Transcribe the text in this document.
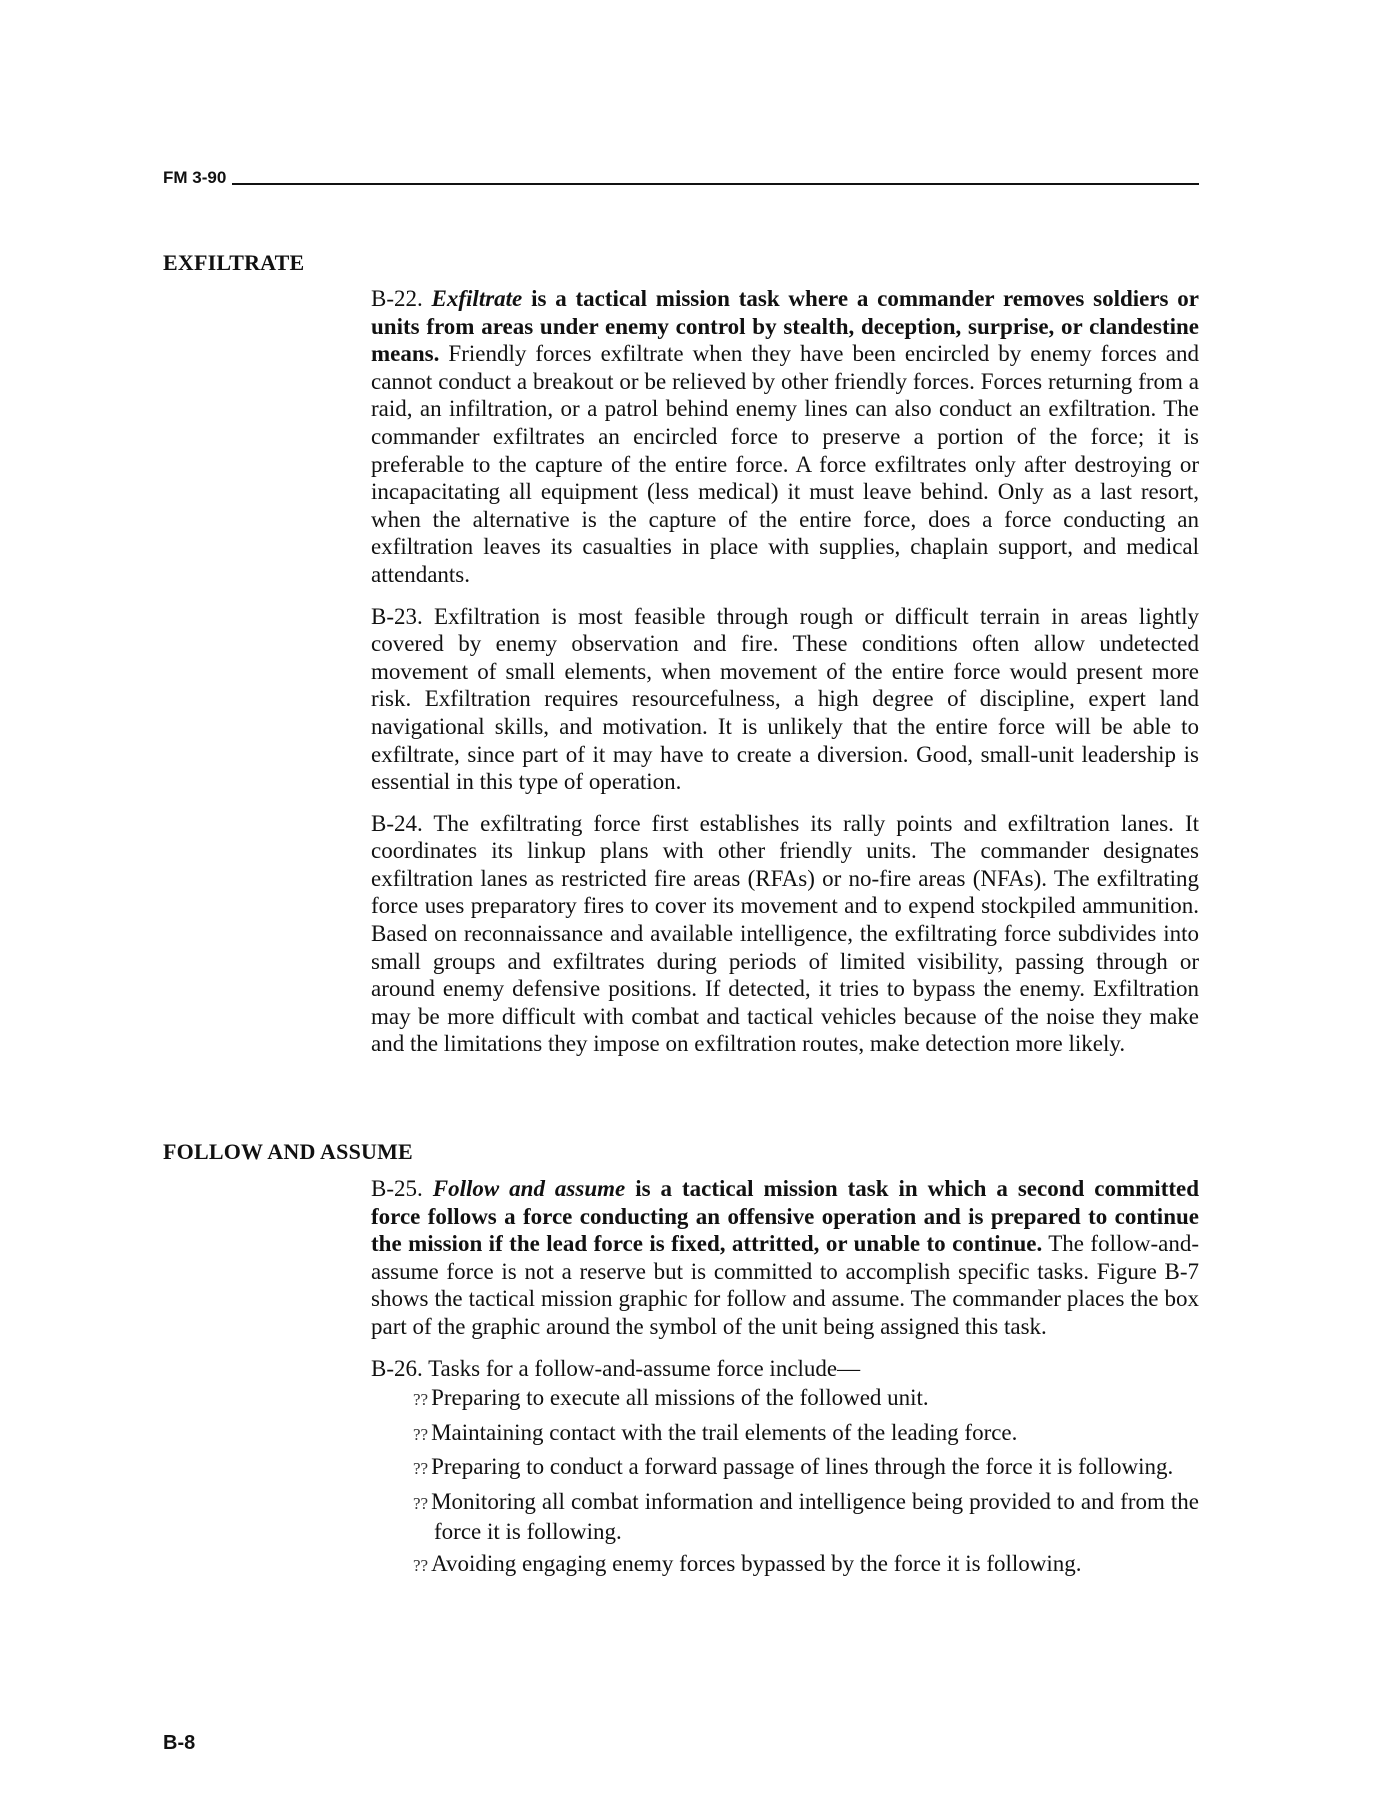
FM 3-90
EXFILTRATE

B-22. Exfiltrate is a tactical mission task where a commander removes soldiers or units from areas under enemy control by stealth, deception, surprise, or clandestine means. Friendly forces exfiltrate when they have been encircled by enemy forces and cannot conduct a breakout or be relieved by other friendly forces. Forces returning from a raid, an infiltration, or a patrol behind enemy lines can also conduct an exfiltration. The commander exfiltrates an encircled force to preserve a portion of the force; it is preferable to the capture of the entire force. A force exfiltrates only after destroying or incapacitating all equipment (less medical) it must leave behind. Only as a last resort, when the alternative is the capture of the entire force, does a force conducting an exfiltration leaves its casualties in place with supplies, chaplain support, and medical attendants.

B-23. Exfiltration is most feasible through rough or difficult terrain in areas lightly covered by enemy observation and fire. These conditions often allow undetected movement of small elements, when movement of the entire force would present more risk. Exfiltration requires resourcefulness, a high degree of discipline, expert land navigational skills, and motivation. It is unlikely that the entire force will be able to exfiltrate, since part of it may have to create a diversion. Good, small-unit leadership is essential in this type of operation.

B-24. The exfiltrating force first establishes its rally points and exfiltration lanes. It coordinates its linkup plans with other friendly units. The commander designates exfiltration lanes as restricted fire areas (RFAs) or no-fire areas (NFAs). The exfiltrating force uses preparatory fires to cover its movement and to expend stockpiled ammunition. Based on reconnaissance and available intelligence, the exfiltrating force subdivides into small groups and exfiltrates during periods of limited visibility, passing through or around enemy defensive positions. If detected, it tries to bypass the enemy. Exfiltration may be more difficult with combat and tactical vehicles because of the noise they make and the limitations they impose on exfiltration routes, make detection more likely.

FOLLOW AND ASSUME

B-25. Follow and assume is a tactical mission task in which a second committed force follows a force conducting an offensive operation and is prepared to continue the mission if the lead force is fixed, attritted, or unable to continue. The follow-and-assume force is not a reserve but is committed to accomplish specific tasks. Figure B-7 shows the tactical mission graphic for follow and assume. The commander places the box part of the graphic around the symbol of the unit being assigned this task.

B-26. Tasks for a follow-and-assume force include—

?? Preparing to execute all missions of the followed unit.
?? Maintaining contact with the trail elements of the leading force.
?? Preparing to conduct a forward passage of lines through the force it is following.
?? Monitoring all combat information and intelligence being provided to and from the force it is following.
?? Avoiding engaging enemy forces bypassed by the force it is following.
B-8
